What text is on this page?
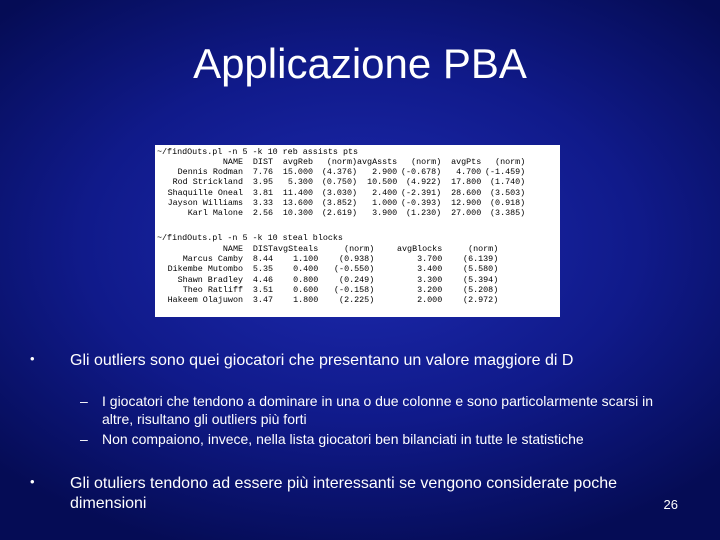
Applicazione PBA
~/findOuts.pl -n 5 -k 10 reb assists pts
NAME	DIST	avgReb	(norm)	avgAssts	(norm)	avgPts	(norm)
Dennis Rodman	7.76	15.000	(4.376)	2.900	(-0.678)	4.700	(-1.459)
Rod Strickland	3.95	5.300	(0.750)	10.500	(4.922)	17.800	(1.740)
Shaquille Oneal	3.81	11.400	(3.030)	2.400	(-2.391)	28.600	(3.503)
Jayson Williams	3.33	13.600	(3.852)	1.000	(-0.393)	12.900	(0.918)
Karl Malone	2.56	10.300	(2.619)	3.900	(1.230)	27.000	(3.385)
~/findOuts.pl -n 5 -k 10 steal blocks
NAME	DIST	avgSteals	(norm)	avgBlocks	(norm)
Marcus Camby	8.44	1.100	(0.938)	3.700	(6.139)
Dikembe Mutombo	5.35	0.400	(-0.550)	3.400	(5.580)
Shawn Bradley	4.46	0.800	(0.249)	3.300	(5.394)
Theo Ratliff	3.51	0.600	(-0.158)	3.200	(5.208)
Hakeem Olajuwon	3.47	1.800	(2.225)	2.000	(2.972)
• Gli outliers sono quei giocatori che presentano un valore maggiore di D
– I giocatori che tendono a dominare in una o due colonne e sono particolarmente scarsi in altre, risultano gli outliers più forti
– Non compaiono, invece, nella lista giocatori ben bilanciati in tutte le statistiche
• Gli otuliers tendono ad essere più interessanti se vengono considerate poche dimensioni	26
